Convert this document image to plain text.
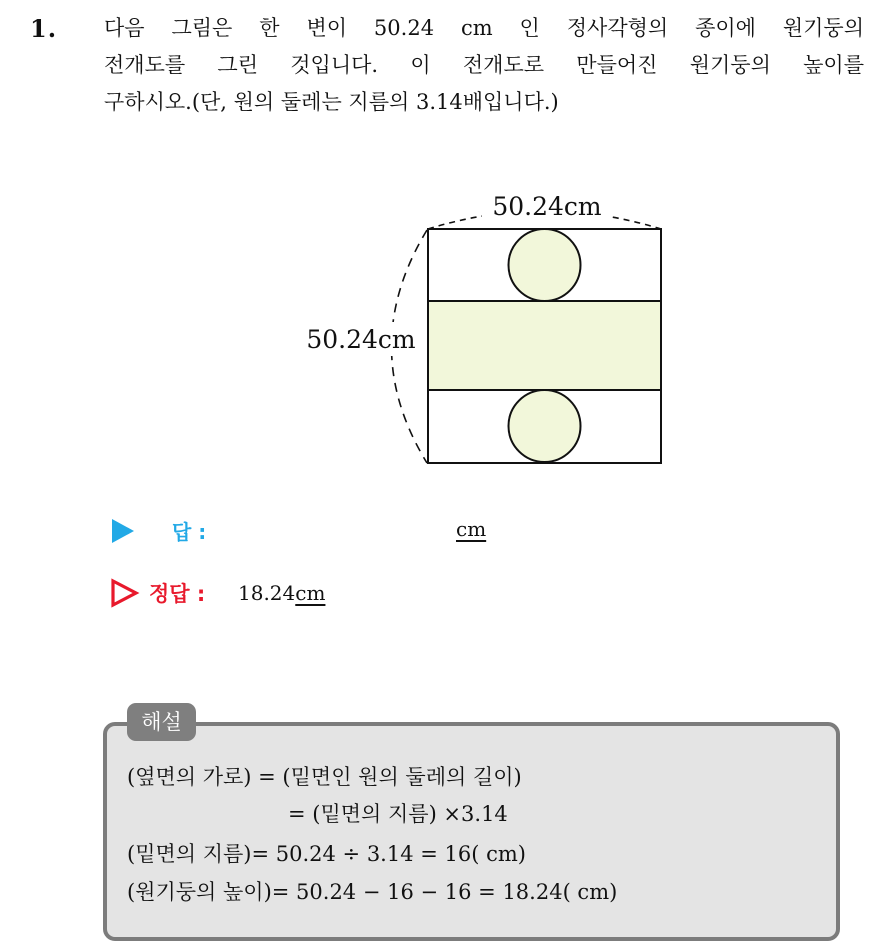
1. 다음 그림은 한 변이 50.24 cm 인 정사각형의 종이에 원기둥의
전개도를 그린 것입니다. 이 전개도로 만들어진 원기둥의 높이를
구하시오.(단, 원의 둘레는 지름의 3.14배입니다.)

50.24cm
50.24cm
답 :	cm
정답 : 18.24cm
해설
(옆면의 가로) = (밑면인 원의 둘레의 길이)
= (밑면의 지름) ×3.14
(밑면의 지름)= 50.24 ÷ 3.14 = 16( cm)
(원기둥의 높이)= 50.24 − 16 − 16 = 18.24( cm)
